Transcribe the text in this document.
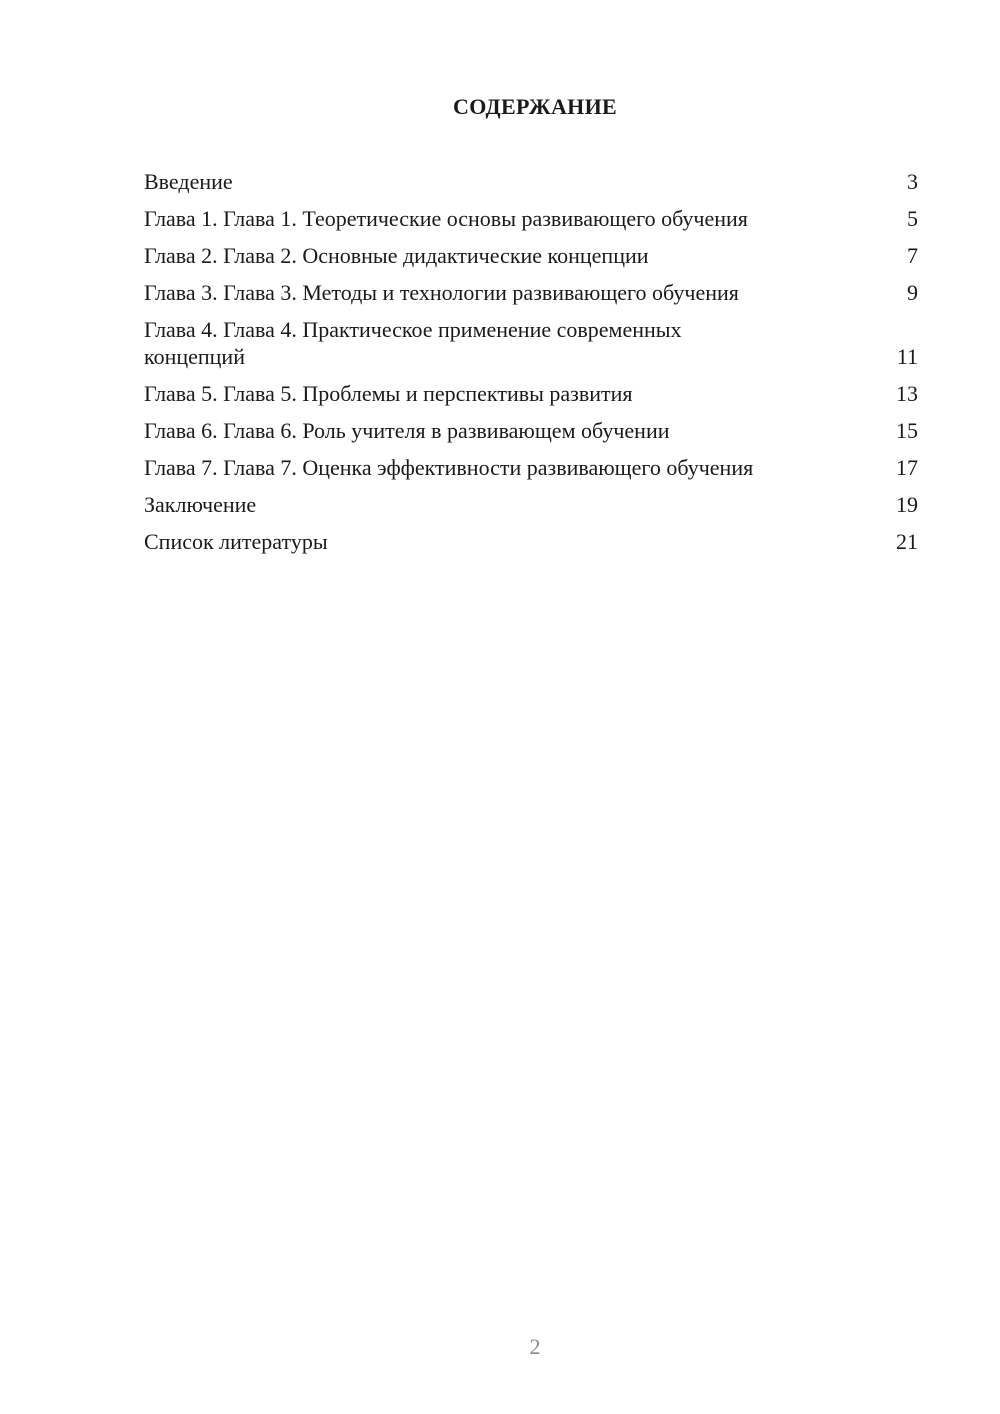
СОДЕРЖАНИЕ
Введение	3
Глава 1. Глава 1. Теоретические основы развивающего обучения	5
Глава 2. Глава 2. Основные дидактические концепции	7
Глава 3. Глава 3. Методы и технологии развивающего обучения	9
Глава 4. Глава 4. Практическое применение современных концепций	11
Глава 5. Глава 5. Проблемы и перспективы развития	13
Глава 6. Глава 6. Роль учителя в развивающем обучении	15
Глава 7. Глава 7. Оценка эффективности развивающего обучения	17
Заключение	19
Список литературы	21
2
